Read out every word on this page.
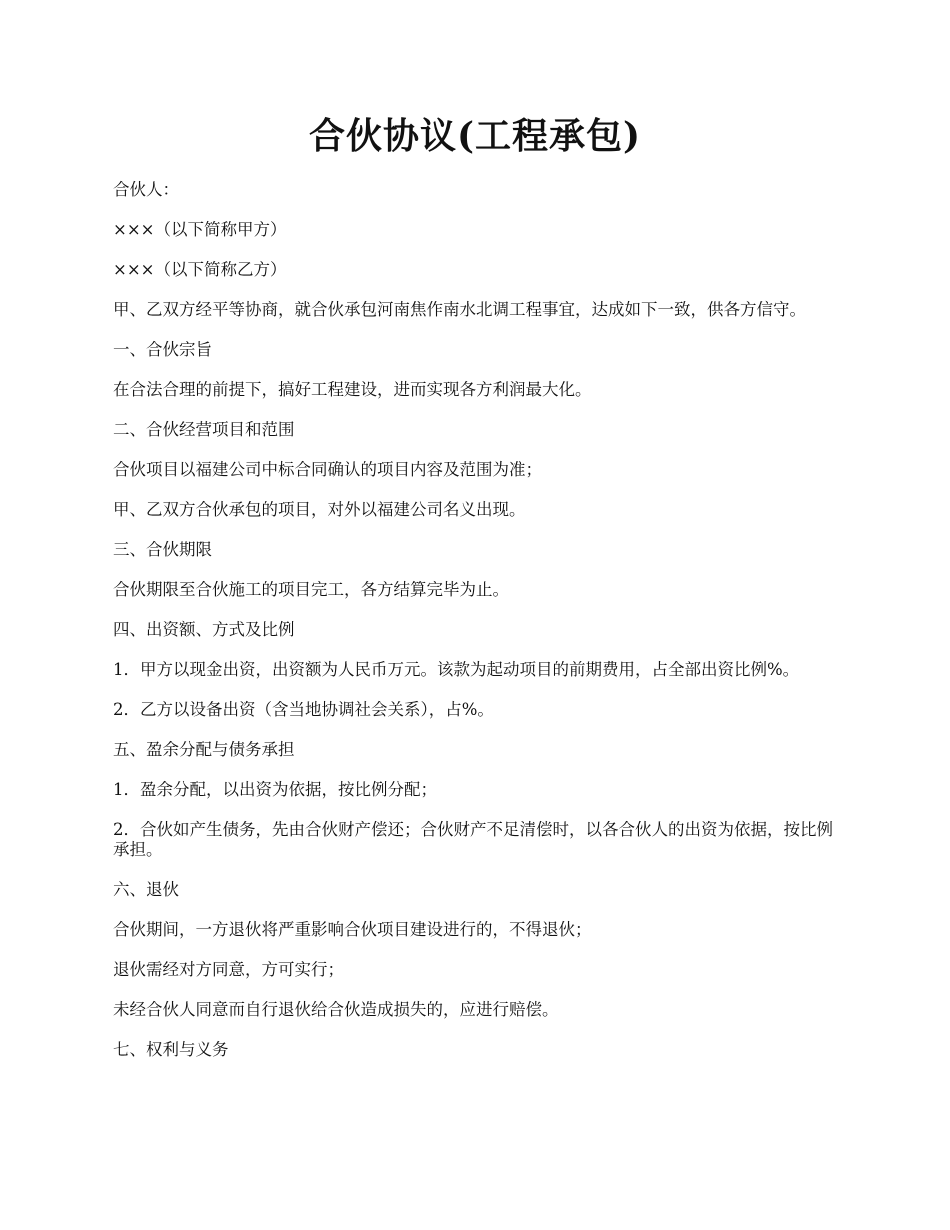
合伙协议(工程承包)

合伙人：

×××（以下简称甲方）

×××（以下简称乙方）

甲、乙双方经平等协商，就合伙承包河南焦作南水北调工程事宜，达成如下一致，供各方信守。

一、合伙宗旨

在合法合理的前提下，搞好工程建设，进而实现各方利润最大化。

二、合伙经营项目和范围

合伙项目以福建公司中标合同确认的项目内容及范围为准；

甲、乙双方合伙承包的项目，对外以福建公司名义出现。

三、合伙期限

合伙期限至合伙施工的项目完工，各方结算完毕为止。

四、出资额、方式及比例

1．甲方以现金出资，出资额为人民币万元。该款为起动项目的前期费用，占全部出资比例%。

2．乙方以设备出资（含当地协调社会关系），占%。

五、盈余分配与债务承担

1．盈余分配，以出资为依据，按比例分配；

2．合伙如产生债务，先由合伙财产偿还；合伙财产不足清偿时，以各合伙人的出资为依据，按比例承担。

六、退伙

合伙期间，一方退伙将严重影响合伙项目建设进行的，不得退伙；

退伙需经对方同意，方可实行；

未经合伙人同意而自行退伙给合伙造成损失的，应进行赔偿。

七、权利与义务
